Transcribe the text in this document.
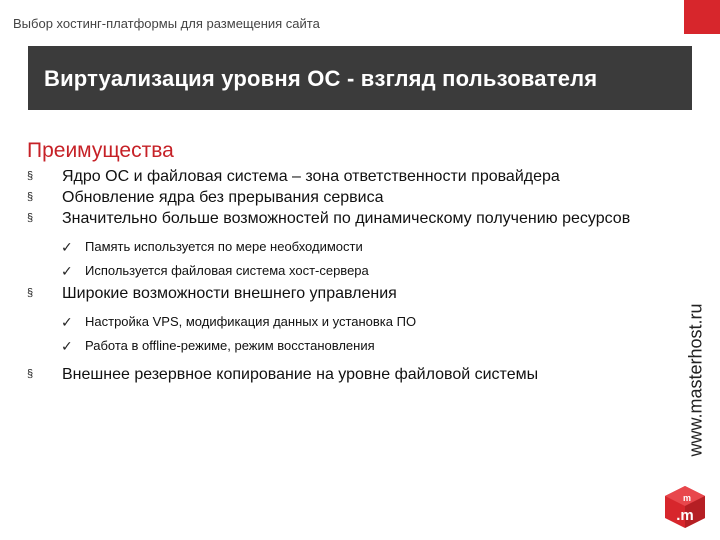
Выбор хостинг-платформы для размещения сайта
Виртуализация уровня ОС - взгляд пользователя
Преимущества
§	Ядро ОС и файловая система – зона ответственности провайдера
§	Обновление ядра без прерывания сервиса
§	Значительно больше возможностей по динамическому получению ресурсов
✓ Память используется по мере необходимости
✓ Используется файловая система хост-сервера
§	Широкие возможности внешнего управления
✓ Настройка VPS, модификация данных и установка ПО
✓ Работа в offline-режиме, режим восстановления
§	Внешнее резервное копирование на уровне файловой системы	www.masterhost.ru
.m
m
